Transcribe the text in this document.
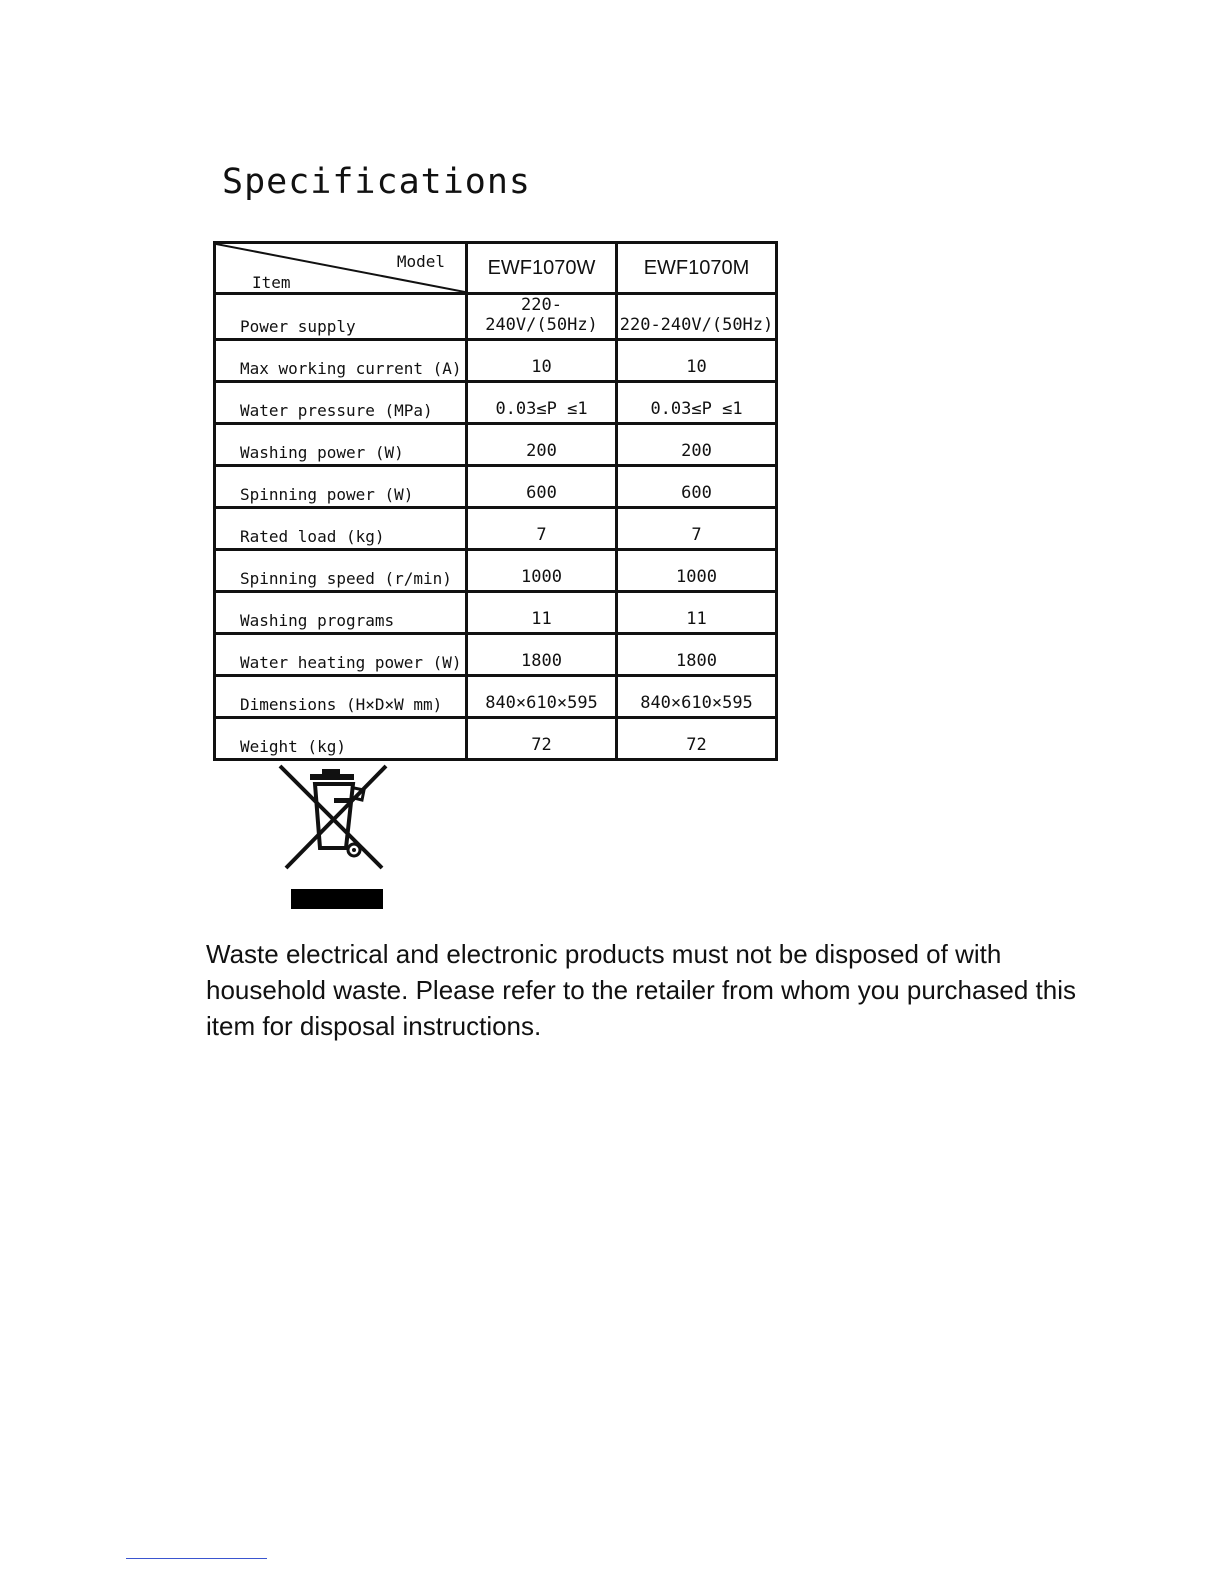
Specifications
Model
Item	EWF1070W	EWF1070M
Power supply	220-240V/(50Hz)	220-240V/(50Hz)
Max working current (A)	10	10
Water pressure (MPa)	0.03≤P ≤1	0.03≤P ≤1
Washing power (W)	200	200
Spinning power (W)	600	600
Rated load (kg)	7	7
Spinning speed (r/min)	1000	1000
Washing programs	11	11
Water heating power (W)	1800	1800
Dimensions (H×D×W mm)	840×610×595	840×610×595
Weight (kg)	72	72

Waste electrical and electronic products must not be disposed of with household waste. Please refer to the retailer from whom you purchased this item for disposal instructions.
